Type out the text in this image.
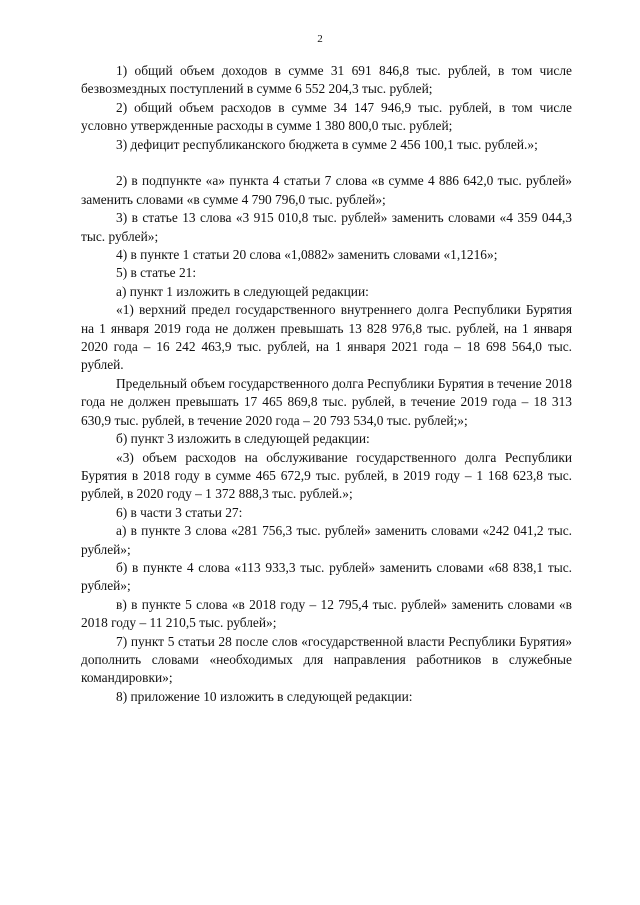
2

1) общий объем доходов в сумме 31 691 846,8 тыс. рублей, в том числе безвозмездных поступлений в сумме 6 552 204,3 тыс. рублей;

2) общий объем расходов в сумме 34 147 946,9 тыс. рублей, в том числе условно утвержденные расходы в сумме 1 380 800,0 тыс. рублей;

3) дефицит республиканского бюджета в сумме 2 456 100,1 тыс. рублей.»;

2) в подпункте «а» пункта 4 статьи 7 слова «в сумме 4 886 642,0 тыс. рублей» заменить словами «в сумме 4 790 796,0 тыс. рублей»;

3) в статье 13 слова «3 915 010,8 тыс. рублей» заменить словами «4 359 044,3 тыс. рублей»;

4) в пункте 1 статьи 20 слова «1,0882» заменить словами «1,1216»;

5) в статье 21:

а) пункт 1 изложить в следующей редакции:

«1) верхний предел государственного внутреннего долга Республики Бурятия на 1 января 2019 года не должен превышать 13 828 976,8 тыс. рублей, на 1 января 2020 года – 16 242 463,9 тыс. рублей, на 1 января 2021 года – 18 698 564,0 тыс. рублей.

Предельный объем государственного долга Республики Бурятия в течение 2018 года не должен превышать 17 465 869,8 тыс. рублей, в течение 2019 года – 18 313 630,9 тыс. рублей, в течение 2020 года – 20 793 534,0 тыс. рублей;»;

б) пункт 3 изложить в следующей редакции:

«3) объем расходов на обслуживание государственного долга Республики Бурятия в 2018 году в сумме 465 672,9 тыс. рублей, в 2019 году – 1 168 623,8 тыс. рублей, в 2020 году – 1 372 888,3 тыс. рублей.»;

6) в части 3 статьи 27:

а) в пункте 3 слова «281 756,3 тыс. рублей» заменить словами «242 041,2 тыс. рублей»;

б) в пункте 4 слова «113 933,3 тыс. рублей» заменить словами «68 838,1 тыс. рублей»;

в) в пункте 5 слова «в 2018 году – 12 795,4 тыс. рублей» заменить словами «в 2018 году – 11 210,5 тыс. рублей»;

7) пункт 5 статьи 28 после слов «государственной власти Республики Бурятия» дополнить словами «необходимых для направления работников в служебные командировки»;

8) приложение 10 изложить в следующей редакции:
